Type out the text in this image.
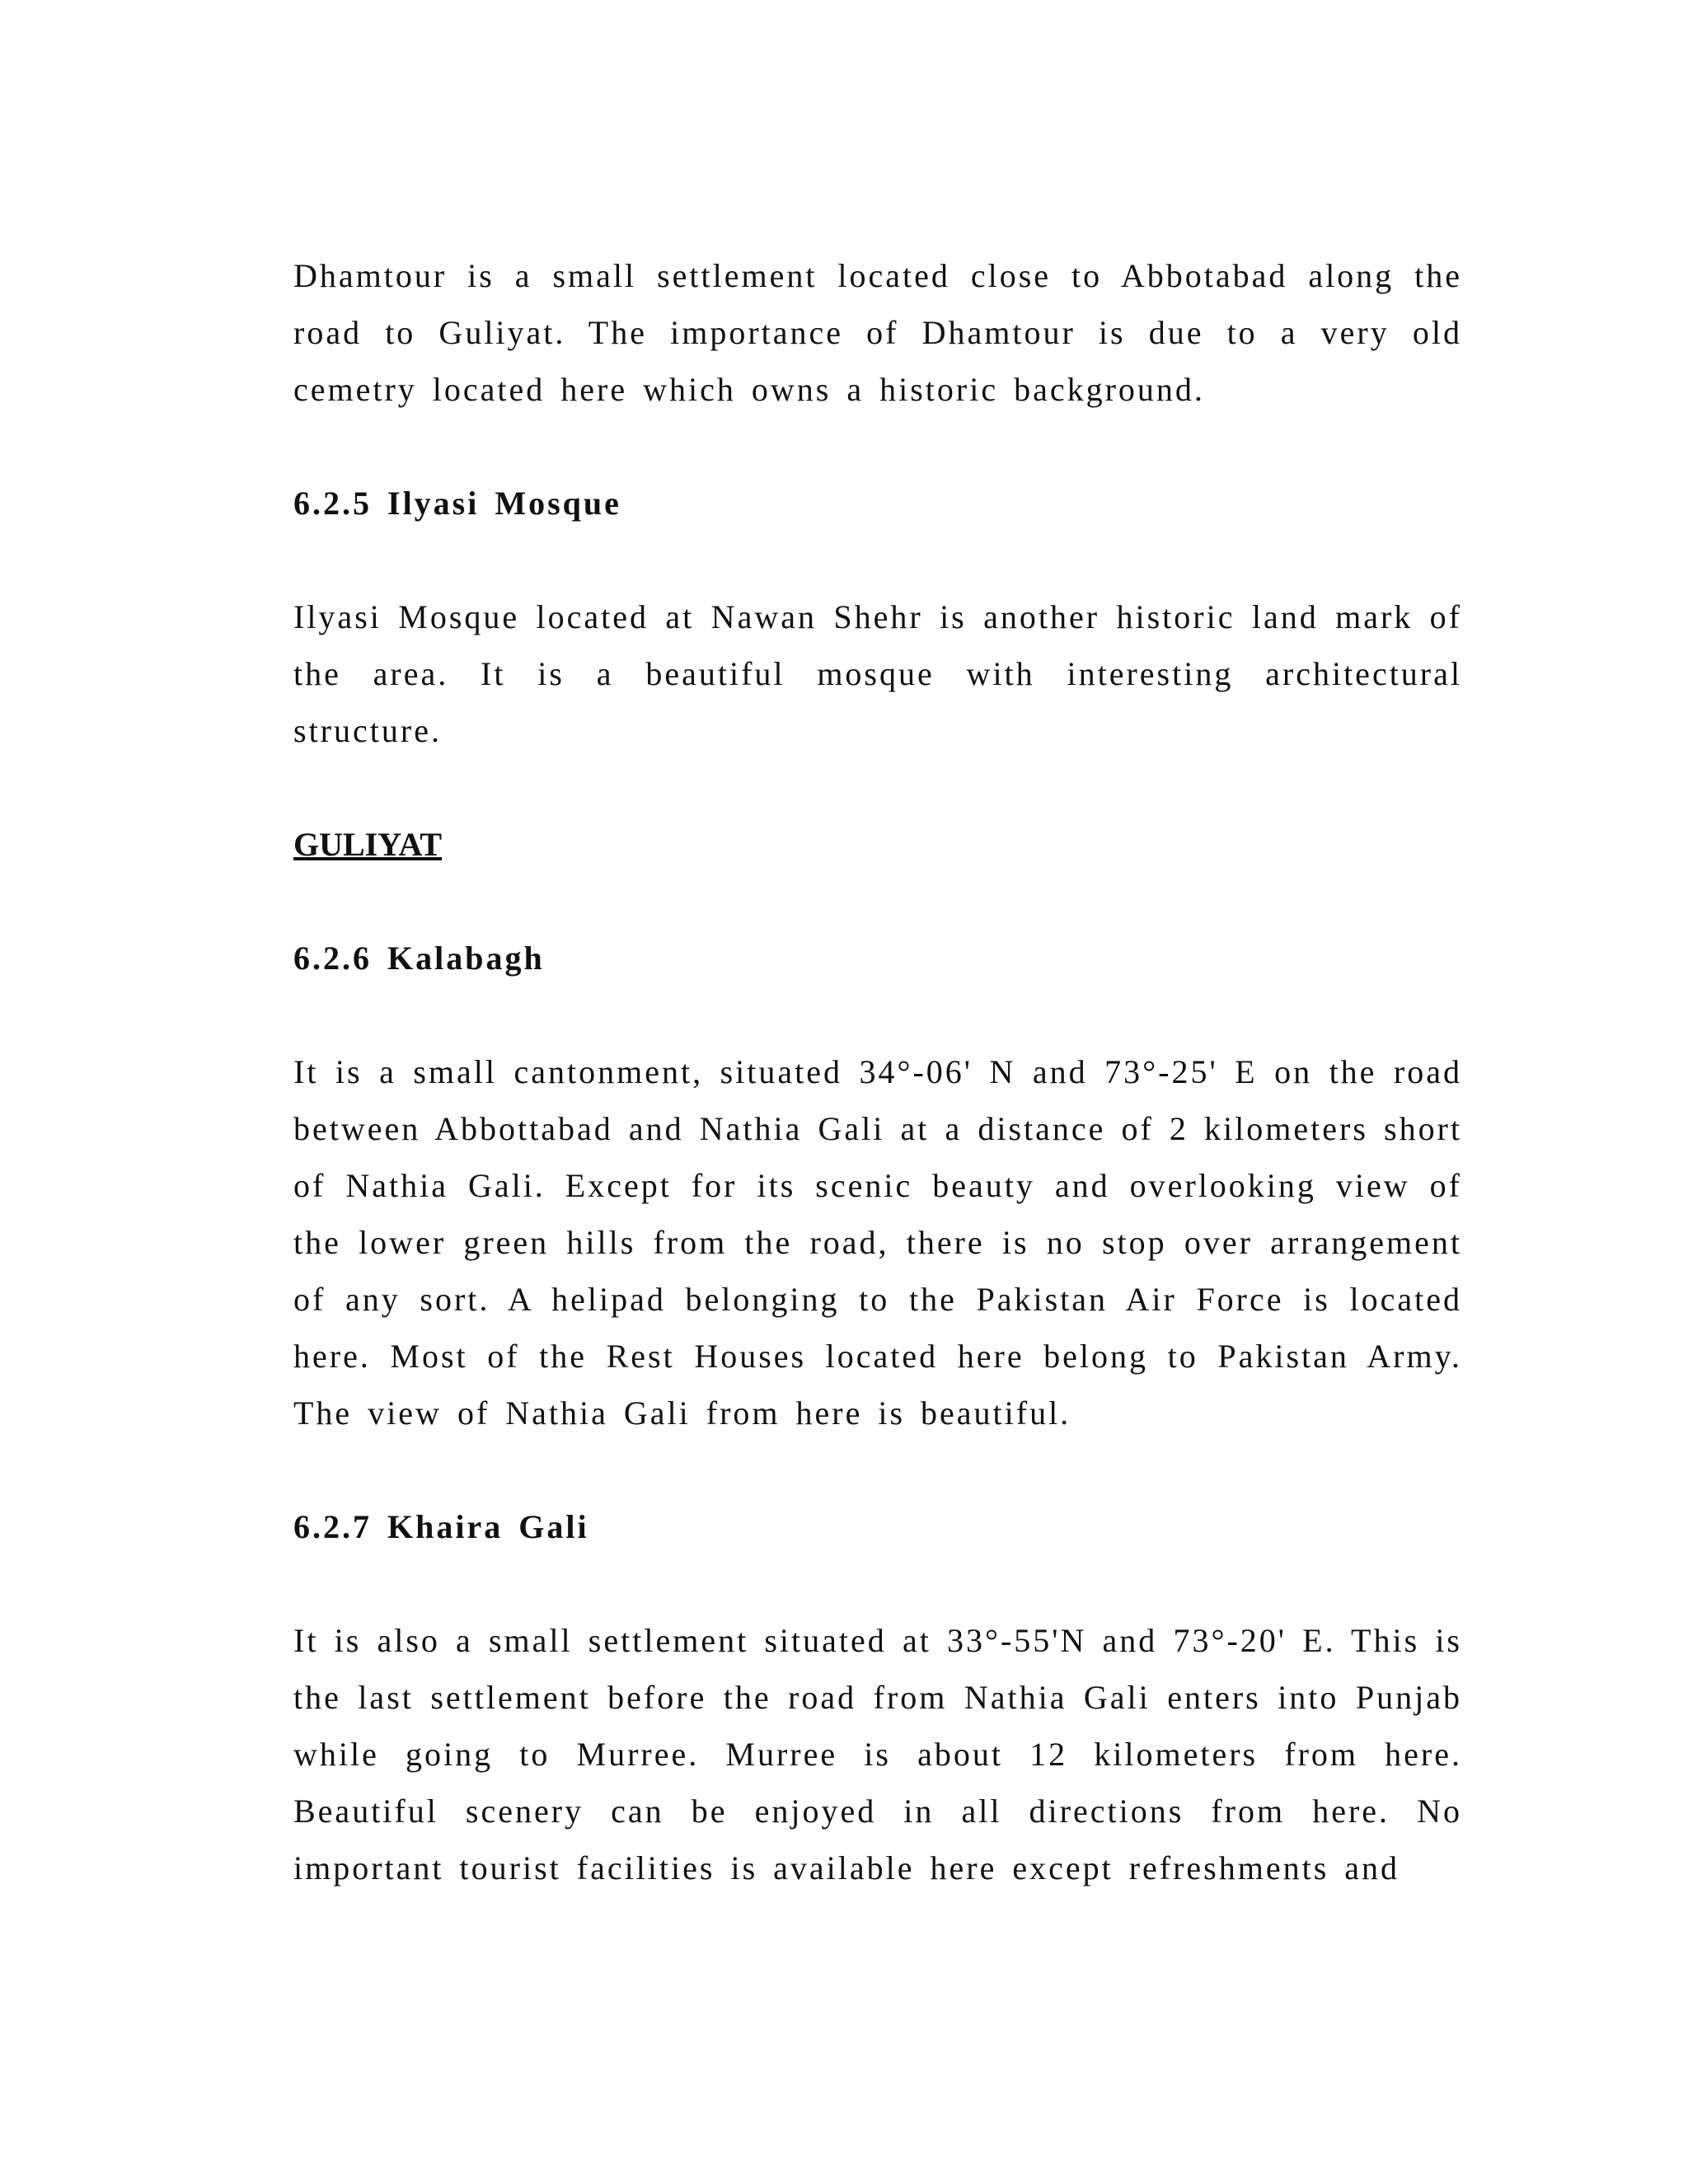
Dhamtour is a small settlement located close to Abbotabad along the road to Guliyat. The importance of Dhamtour is due to a very old cemetry located here which owns a historic background.

6.2.5 Ilyasi Mosque

Ilyasi Mosque located at Nawan Shehr is another historic land mark of the area. It is a beautiful mosque with interesting architectural structure.

GULIYAT

6.2.6 Kalabagh

It is a small cantonment, situated 34°-06' N and 73°-25' E on the road between Abbottabad and Nathia Gali at a distance of 2 kilometers short of Nathia Gali. Except for its scenic beauty and overlooking view of the lower green hills from the road, there is no stop over arrangement of any sort. A helipad belonging to the Pakistan Air Force is located here. Most of the Rest Houses located here belong to Pakistan Army. The view of Nathia Gali from here is beautiful.

6.2.7 Khaira Gali

It is also a small settlement situated at 33°-55'N and 73°-20' E. This is the last settlement before the road from Nathia Gali enters into Punjab while going to Murree. Murree is about 12 kilometers from here. Beautiful scenery can be enjoyed in all directions from here. No important tourist facilities is available here except refreshments and
